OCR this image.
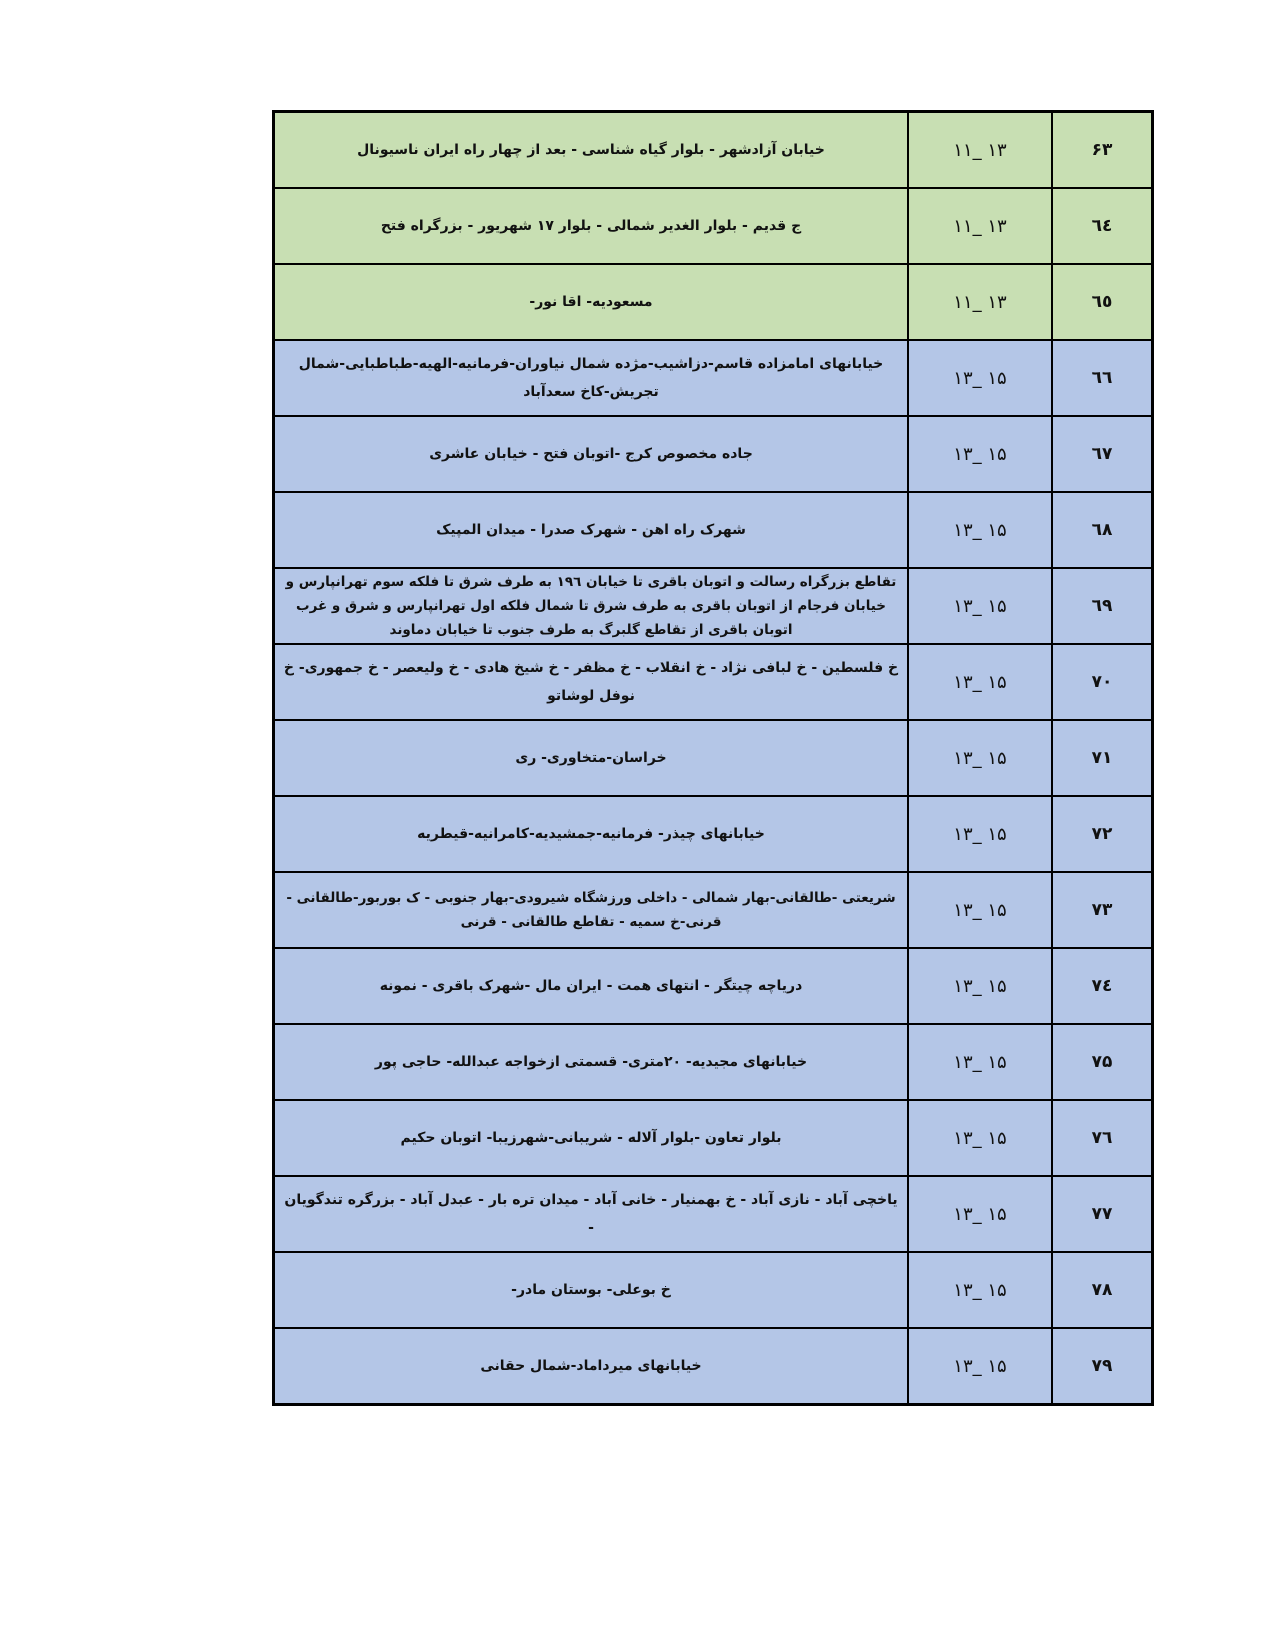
۶۳	۱۳ _۱۱	خیابان آزادشهر - بلوار گیاه شناسی - بعد از چهار راه ایران ناسیونال
٦٤	۱۳ _۱۱	ج قدیم - بلوار الغدیر شمالی - بلوار ۱۷ شهریور - بزرگراه فتح
٦٥	۱۳ _۱۱	مسعودیه- اقا نور-
٦٦	۱۵ _۱۳	خیابانهای امامزاده قاسم-دزاشیب-مژده شمال نیاوران-فرمانیه-الهیه-طباطبایی-شمال تجریش-کاخ سعدآباد
٦٧	۱۵ _۱۳	جاده مخصوص کرج -اتوبان فتح - خیابان عاشری
٦٨	۱۵ _۱۳	شهرک راه اهن - شهرک صدرا - میدان المپیک
٦٩	۱۵ _۱۳	تقاطع بزرگراه رسالت و اتوبان باقری تا خیابان ۱۹٦ به طرف شرق تا فلکه سوم تهرانپارس و خیابان فرجام از اتوبان باقری به طرف شرق تا شمال فلکه اول تهرانپارس و شرق و غرب اتوبان باقری از تقاطع گلبرگ به طرف جنوب تا خیابان دماوند
۷۰	۱۵ _۱۳	خ فلسطین - خ لبافی نژاد - خ انقلاب - خ مظفر - خ شیخ هادی - خ ولیعصر - خ جمهوری- خ نوفل لوشاتو
۷۱	۱۵ _۱۳	خراسان-متخاوری- ری
۷۲	۱۵ _۱۳	خیابانهای چیذر- فرمانیه-جمشیدیه-کامرانیه-قیطریه
۷۳	۱۵ _۱۳	شریعتی -طالقانی-بهار شمالی - داخلی ورزشگاه شیرودی-بهار جنوبی - ک بوربور-طالقانی - قرنی-خ سمیه - تقاطع طالقانی - قرنی
۷٤	۱۵ _۱۳	دریاچه چیتگر - انتهای همت - ایران مال -شهرک باقری - نمونه
۷۵	۱۵ _۱۳	خیابانهای مجیدیه- ۲۰متری- قسمتی ازخواجه عبدالله- حاجی پور
۷٦	۱۵ _۱۳	بلوار تعاون -بلوار آلاله - شریبانی-شهرزیبا- اتوبان حکیم
۷۷	۱۵ _۱۳	یاخچی آباد - نازی آباد - خ بهمنیار - خانی آباد - میدان تره بار - عبدل آباد - بزرگره تندگویان -
۷۸	۱۵ _۱۳	خ بوعلی- بوستان مادر-
۷۹	۱۵ _۱۳	خیابانهای میرداماد-شمال حقانی
